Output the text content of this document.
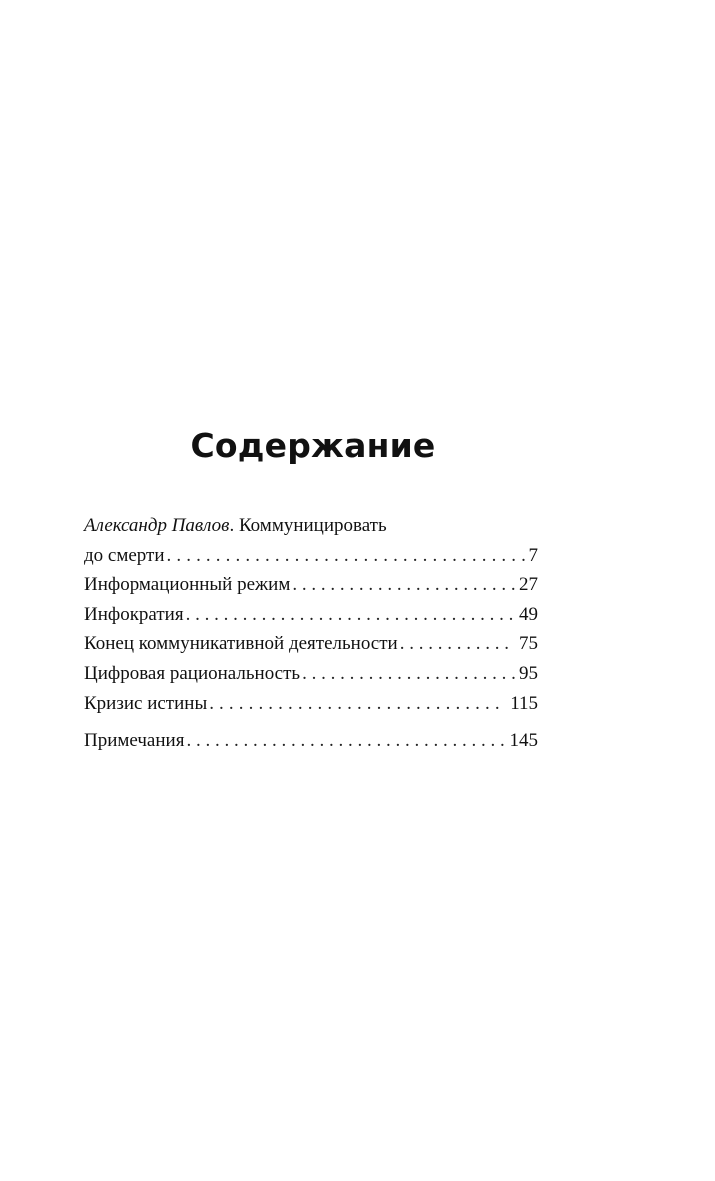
Содержание
Александр Павлов. Коммуницировать
до смерти .....	7
Информационный режим . . .	27
Инфократия . . .	49
Конец коммуникативной деятельности . . .	75
Цифровая рациональность . . .	95
Кризис истины .....	115
Примечания . . .	145
